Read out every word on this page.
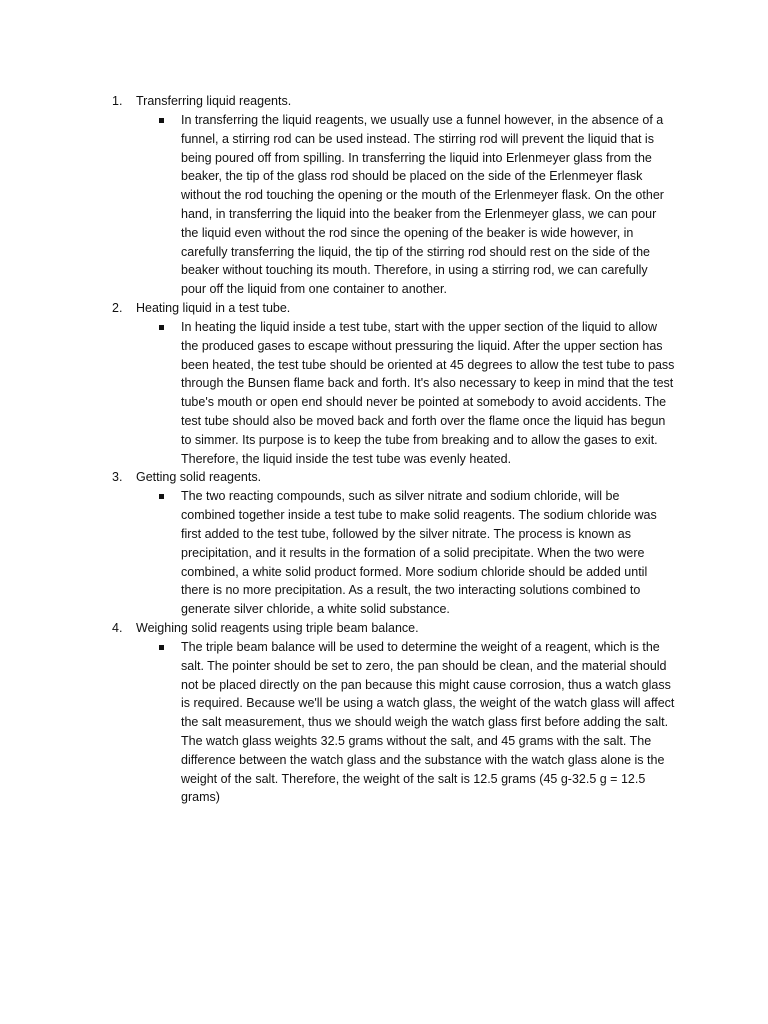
1. Transferring liquid reagents.
In transferring the liquid reagents, we usually use a funnel however, in the absence of a funnel, a stirring rod can be used instead. The stirring rod will prevent the liquid that is being poured off from spilling. In transferring the liquid into Erlenmeyer glass from the beaker, the tip of the glass rod should be placed on the side of the Erlenmeyer flask without the rod touching the opening or the mouth of the Erlenmeyer flask. On the other hand, in transferring the liquid into the beaker from the Erlenmeyer glass, we can pour the liquid even without the rod since the opening of the beaker is wide however, in carefully transferring the liquid, the tip of the stirring rod should rest on the side of the beaker without touching its mouth. Therefore, in using a stirring rod, we can carefully pour off the liquid from one container to another.
2. Heating liquid in a test tube.
In heating the liquid inside a test tube, start with the upper section of the liquid to allow the produced gases to escape without pressuring the liquid. After the upper section has been heated, the test tube should be oriented at 45 degrees to allow the test tube to pass through the Bunsen flame back and forth. It's also necessary to keep in mind that the test tube's mouth or open end should never be pointed at somebody to avoid accidents. The test tube should also be moved back and forth over the flame once the liquid has begun to simmer. Its purpose is to keep the tube from breaking and to allow the gases to exit. Therefore, the liquid inside the test tube was evenly heated.
3. Getting solid reagents.
The two reacting compounds, such as silver nitrate and sodium chloride, will be combined together inside a test tube to make solid reagents. The sodium chloride was first added to the test tube, followed by the silver nitrate. The process is known as precipitation, and it results in the formation of a solid precipitate. When the two were combined, a white solid product formed. More sodium chloride should be added until there is no more precipitation. As a result, the two interacting solutions combined to generate silver chloride, a white solid substance.
4. Weighing solid reagents using triple beam balance.
The triple beam balance will be used to determine the weight of a reagent, which is the salt. The pointer should be set to zero, the pan should be clean, and the material should not be placed directly on the pan because this might cause corrosion, thus a watch glass is required. Because we'll be using a watch glass, the weight of the watch glass will affect the salt measurement, thus we should weigh the watch glass first before adding the salt. The watch glass weights 32.5 grams without the salt, and 45 grams with the salt. The difference between the watch glass and the substance with the watch glass alone is the weight of the salt. Therefore, the weight of the salt is 12.5 grams (45 g-32.5 g = 12.5 grams)
